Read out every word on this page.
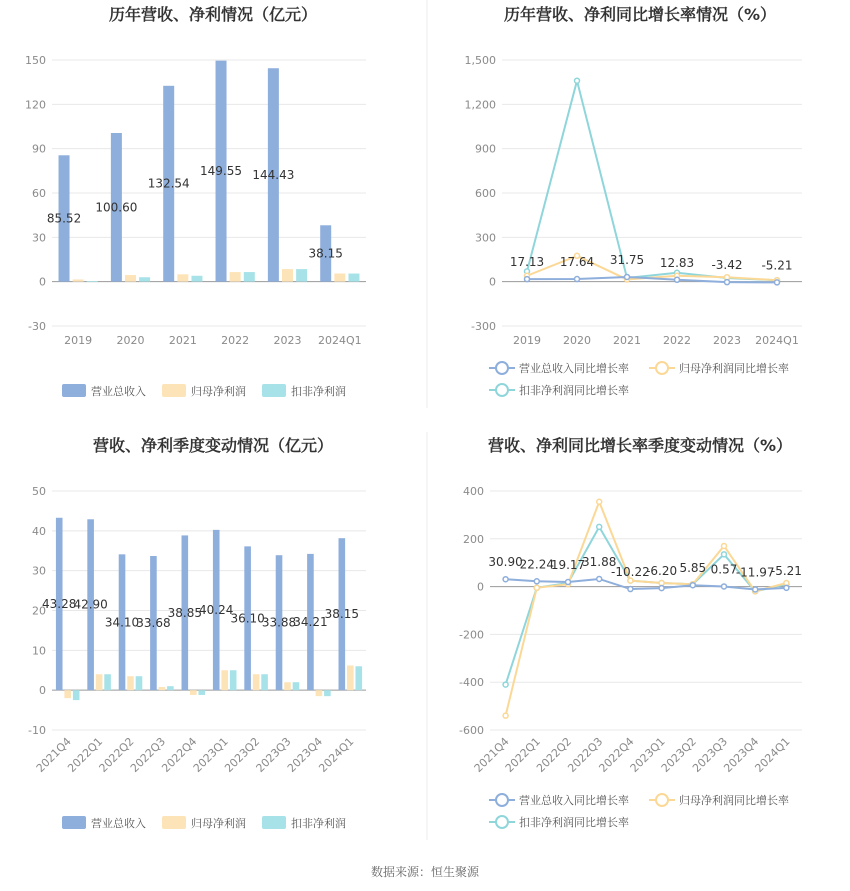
历年营收、净利情况（亿元）	历年营收、净利同比增长率情况（%）
营收、净利季度变动情况（亿元）	营收、净利同比增长率季度变动情况（%）
150
120
90
60
30
0
-30
2019 2020 2021 2022 2023 2024Q1
85.52
100.60
132.54
149.55 144.43
38.15
1,500
1,200
900
600
300
0
-300
2019 2020 2021 2022 2023 2024Q1
17.13 17.64 31.75 12.83 -3.42 -5.21
50
40
30
20
10
0
-10
2021Q4
2022Q1
2022Q2
2022Q3
2022Q4
2023Q1
2023Q2
2023Q3
2023Q4
2024Q1
43.28
42.90
34.10
33.68
38.85
40.24
36.10
33.88
34.21
38.15
400
200
0
-200
-400
-600
2021Q4
2022Q1
2022Q2
2022Q3
2022Q4
2023Q1
2023Q2
2023Q3
2023Q4
2024Q1
30.90
22.24
19.17
31.88
-10.22
-6.20 5.85 0.57
-11.97
-5.21
营业总收入	归母净利润	扣非净利润
营业总收入同比增长率	归母净利润同比增长率
扣非净利润同比增长率
营业总收入	归母净利润	扣非净利润
营业总收入同比增长率	归母净利润同比增长率
扣非净利润同比增长率
数据来源：恒生聚源
